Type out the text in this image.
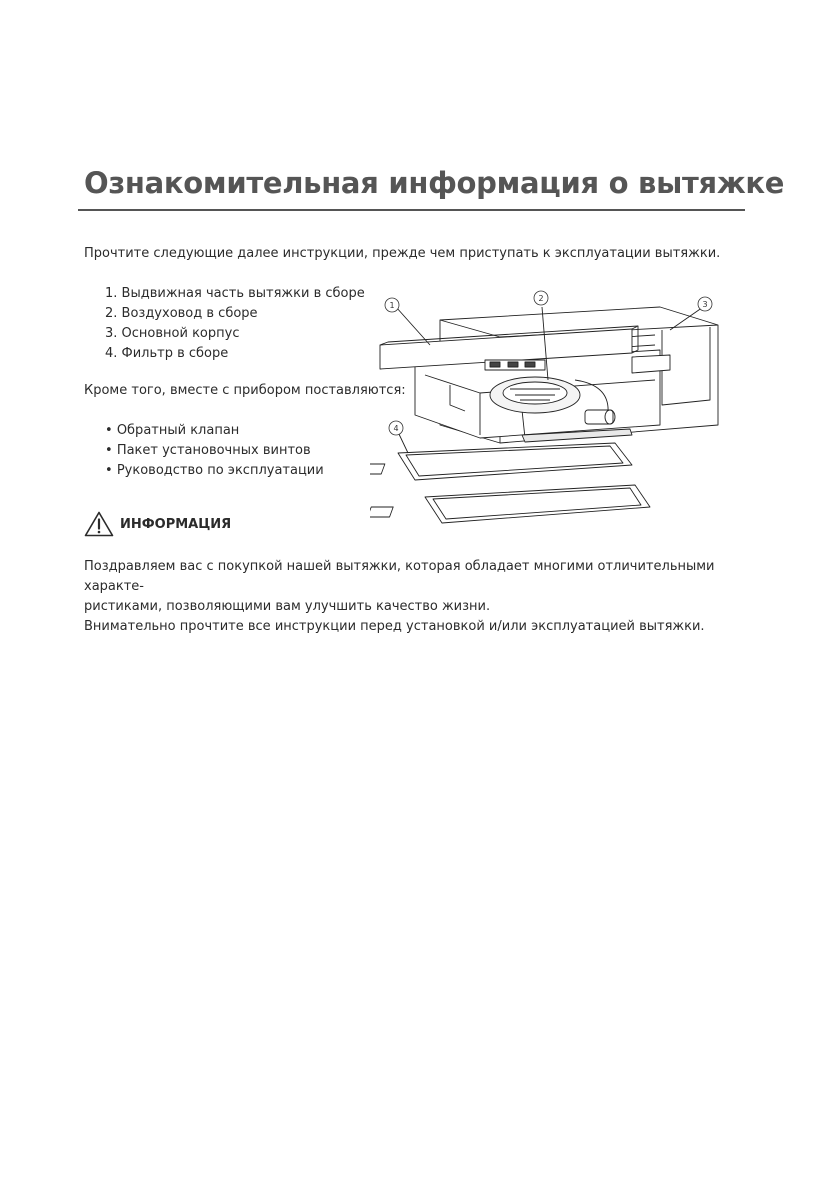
Ознакомительная информация о вытяжке
Прочтите следующие далее инструкции, прежде чем приступать к эксплуатации вытяжки.
1. Выдвижная часть вытяжки в сборе
2. Воздуховод в сборе
3. Основной корпус
4. Фильтр в сборе
Кроме того, вместе с прибором поставляются:
• Обратный клапан
• Пакет установочных винтов
• Руководство по эксплуатации
ИНФОРМАЦИЯ

Поздравляем вас с покупкой нашей вытяжки, которая обладает многими отличительными характе-
ристиками, позволяющими вам улучшить качество жизни.
Внимательно прочтите все инструкции перед установкой и/или эксплуатацией вытяжки.

1
2
3
4
